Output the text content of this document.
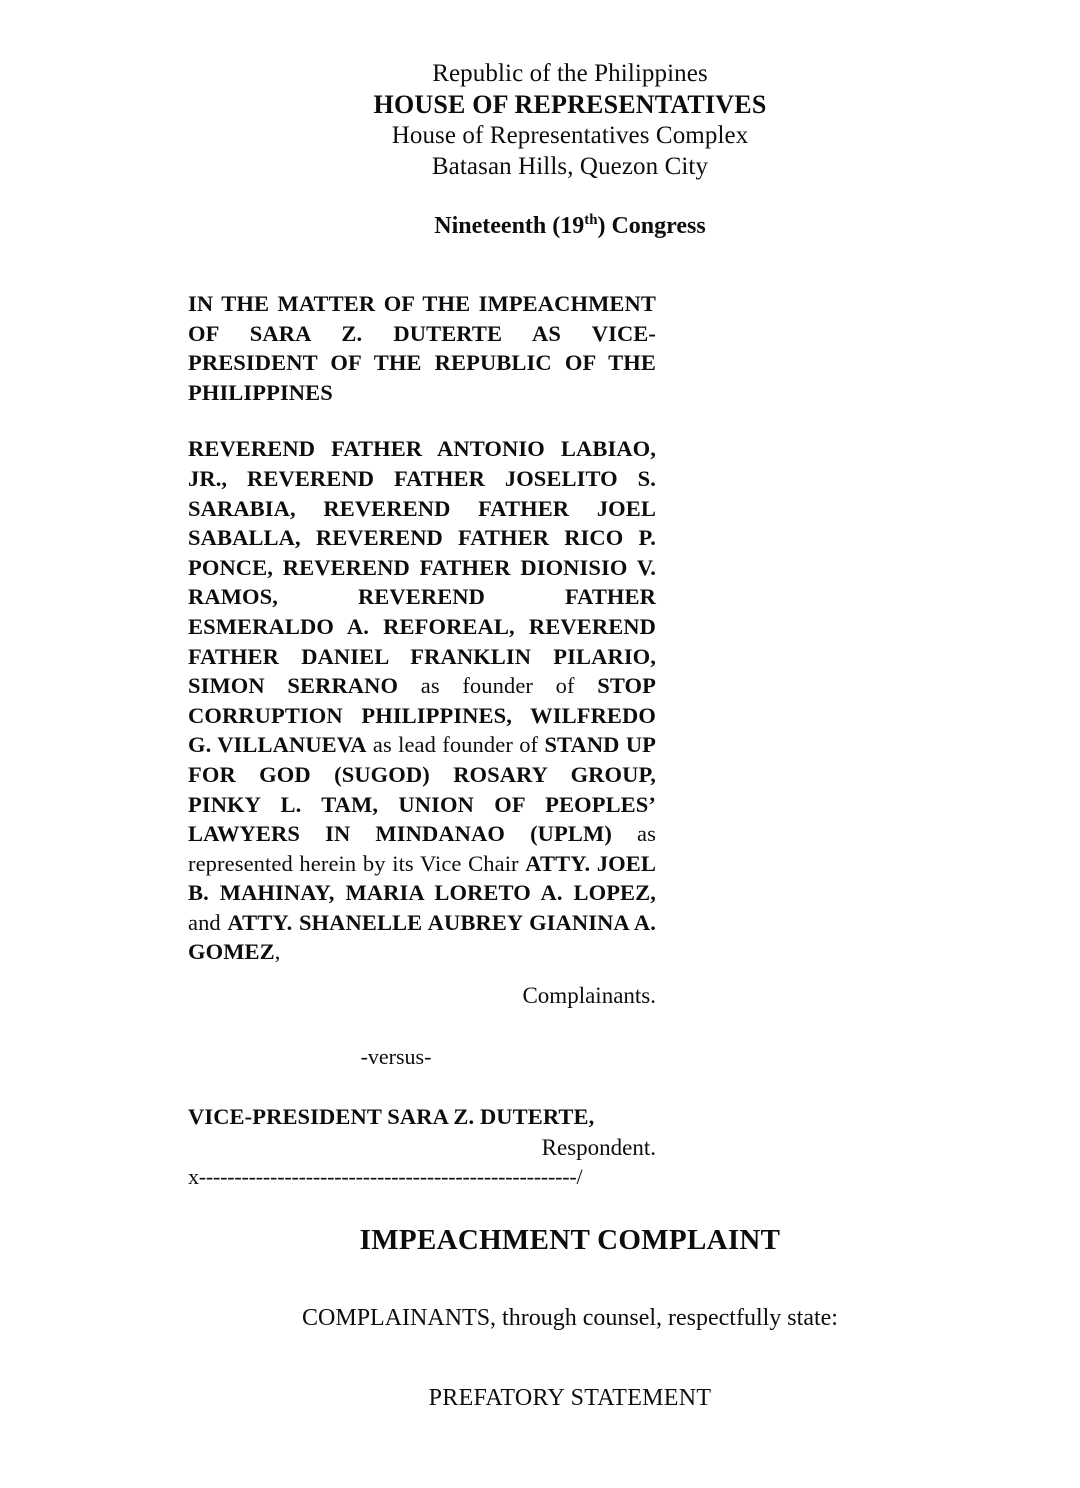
Republic of the Philippines
HOUSE OF REPRESENTATIVES
House of Representatives Complex
Batasan Hills, Quezon City
Nineteenth (19th) Congress
IN THE MATTER OF THE IMPEACHMENT OF SARA Z. DUTERTE AS VICE-PRESIDENT OF THE REPUBLIC OF THE PHILIPPINES
REVEREND FATHER ANTONIO LABIAO, JR., REVEREND FATHER JOSELITO S. SARABIA, REVEREND FATHER JOEL SABALLA, REVEREND FATHER RICO P. PONCE, REVEREND FATHER DIONISIO V. RAMOS, REVEREND FATHER ESMERALDO A. REFOREAL, REVEREND FATHER DANIEL FRANKLIN PILARIO, SIMON SERRANO as founder of STOP CORRUPTION PHILIPPINES, WILFREDO G. VILLANUEVA as lead founder of STAND UP FOR GOD (SUGOD) ROSARY GROUP, PINKY L. TAM, UNION OF PEOPLES’ LAWYERS IN MINDANAO (UPLM) as represented herein by its Vice Chair ATTY. JOEL B. MAHINAY, MARIA LORETO A. LOPEZ, and ATTY. SHANELLE AUBREY GIANINA A. GOMEZ,
Complainants.
-versus-
VICE-PRESIDENT SARA Z. DUTERTE,
Respondent.
x-----------------------------------------------------/
IMPEACHMENT COMPLAINT
COMPLAINANTS, through counsel, respectfully state:
PREFATORY STATEMENT
